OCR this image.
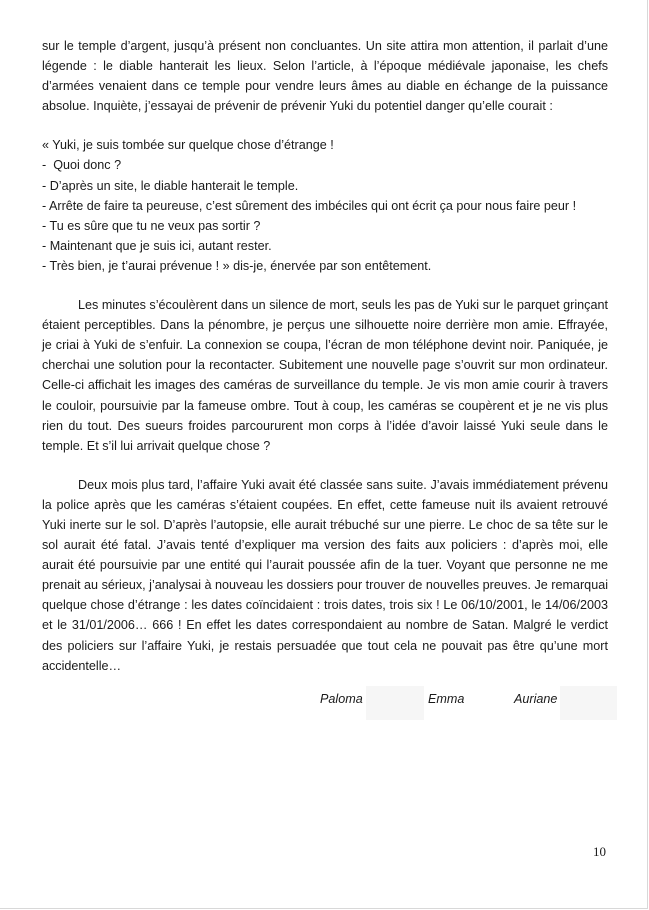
sur le temple d’argent, jusqu’à présent non concluantes. Un site attira mon attention, il parlait d’une légende : le diable hanterait les lieux. Selon l’article, à l’époque médiévale japonaise, les chefs d’armées venaient dans ce temple pour vendre leurs âmes au diable en échange de la puissance absolue. Inquiète, j’essayai de prévenir de prévenir Yuki du potentiel danger qu’elle courait :

« Yuki, je suis tombée sur quelque chose d’étrange !

-  Quoi donc ?

- D’après un site, le diable hanterait le temple.

- Arrête de faire ta peureuse, c’est sûrement des imbéciles qui ont écrit ça pour nous faire peur !

- Tu es sûre que tu ne veux pas sortir ?

- Maintenant que je suis ici, autant rester.

- Très bien, je t’aurai prévenue ! » dis-je, énervée par son entêtement.

Les minutes s’écoulèrent dans un silence de mort, seuls les pas de Yuki sur le parquet grinçant étaient perceptibles. Dans la pénombre, je perçus une silhouette noire derrière mon amie. Effrayée, je criai à Yuki de s’enfuir. La connexion se coupa, l’écran de mon téléphone devint noir. Paniquée, je cherchai une solution pour la recontacter. Subitement une nouvelle page s’ouvrit sur mon ordinateur. Celle-ci affichait les images des caméras de surveillance du temple. Je vis mon amie courir à travers le couloir, poursuivie par la fameuse ombre. Tout à coup, les caméras se coupèrent et je ne vis plus rien du tout. Des sueurs froides parcoururent mon corps à l’idée d’avoir laissé Yuki seule dans le temple. Et s’il lui arrivait quelque chose ?

Deux mois plus tard, l’affaire Yuki avait été classée sans suite. J’avais immédiatement prévenu la police après que les caméras s’étaient coupées. En effet, cette fameuse nuit ils avaient retrouvé Yuki inerte sur le sol. D’après l’autopsie, elle aurait trébuché sur une pierre. Le choc de sa tête sur le sol aurait été fatal. J’avais tenté d’expliquer ma version des faits aux policiers : d’après moi, elle aurait été poursuivie par une entité qui l’aurait poussée afin de la tuer. Voyant que personne ne me prenait au sérieux, j’analysai à nouveau les dossiers pour trouver de nouvelles preuves. Je remarquai quelque chose d’étrange : les dates coïncidaient : trois dates, trois six ! Le 06/10/2001, le 14/06/2003 et le 31/01/2006… 666 ! En effet les dates correspondaient au nombre de Satan. Malgré le verdict des policiers sur l’affaire Yuki, je restais persuadée que tout cela ne pouvait pas être qu’une mort accidentelle…

Paloma	Emma	Auriane
10
